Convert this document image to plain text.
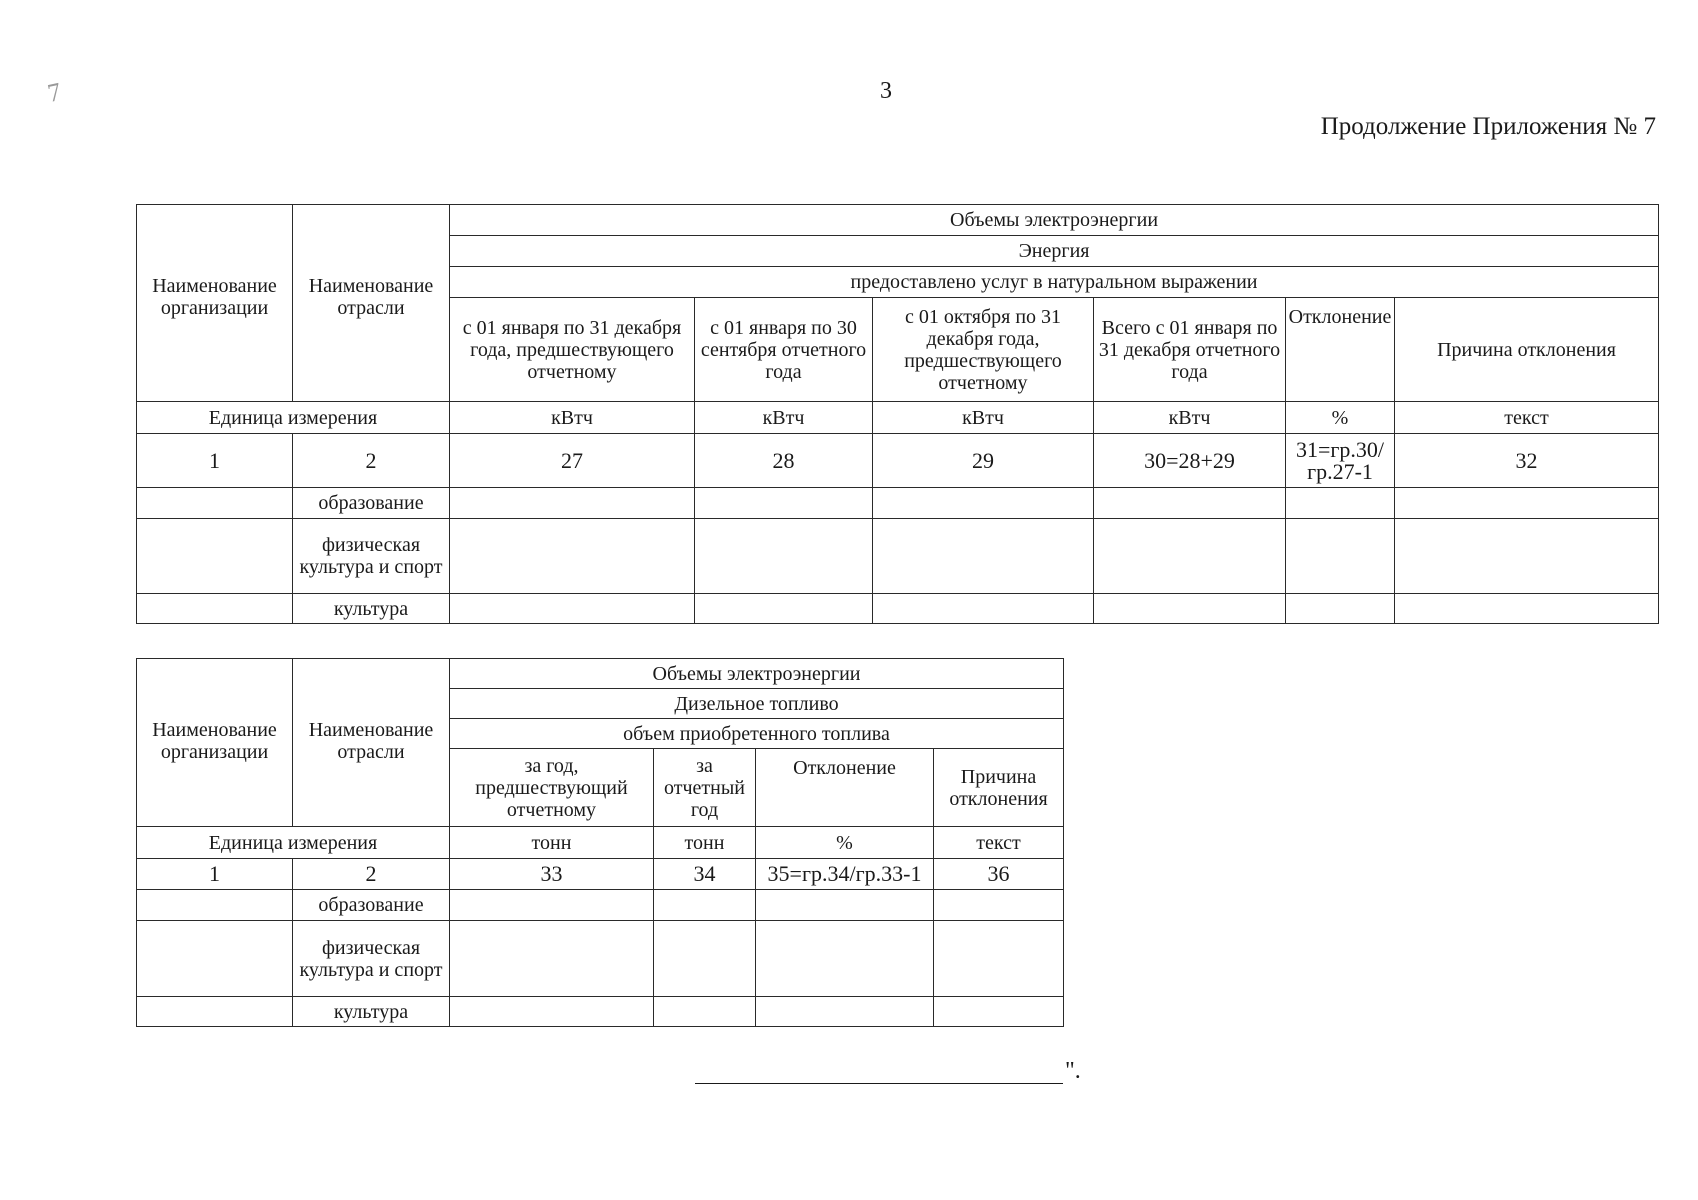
7	3
Продолжение Приложения № 7
Наименование организации	Наименование отрасли	Объемы электроэнергии					
		Энергия					
		предоставлено услуг в натуральном выражении					
		с 01 января по 31 декабря года, предшествующего отчетному	с 01 января по 30 сентября отчетного года	с 01 октября по 31 декабря года, предшествующего отчетному	Всего с 01 января по 31 декабря отчетного года	Отклонение	Причина отклонения
Единица измерения		кВтч	кВтч	кВтч	кВтч	%	текст
1	2	27	28	29	30=28+29	31=гр.30/ гр.27-1	32
	образование						
	физическая культура и спорт						
	культура						
Наименование организации	Наименование отрасли	Объемы электроэнергии			
		Дизельное топливо			
		объем приобретенного топлива			
		за год, предшествующий отчетному	за отчетный год	Отклонение	Причина отклонения
Единица измерения		тонн	тонн	%	текст
1	2	33	34	35=гр.34/гр.33-1	36
	образование				
	физическая культура и спорт				
	культура				
".
